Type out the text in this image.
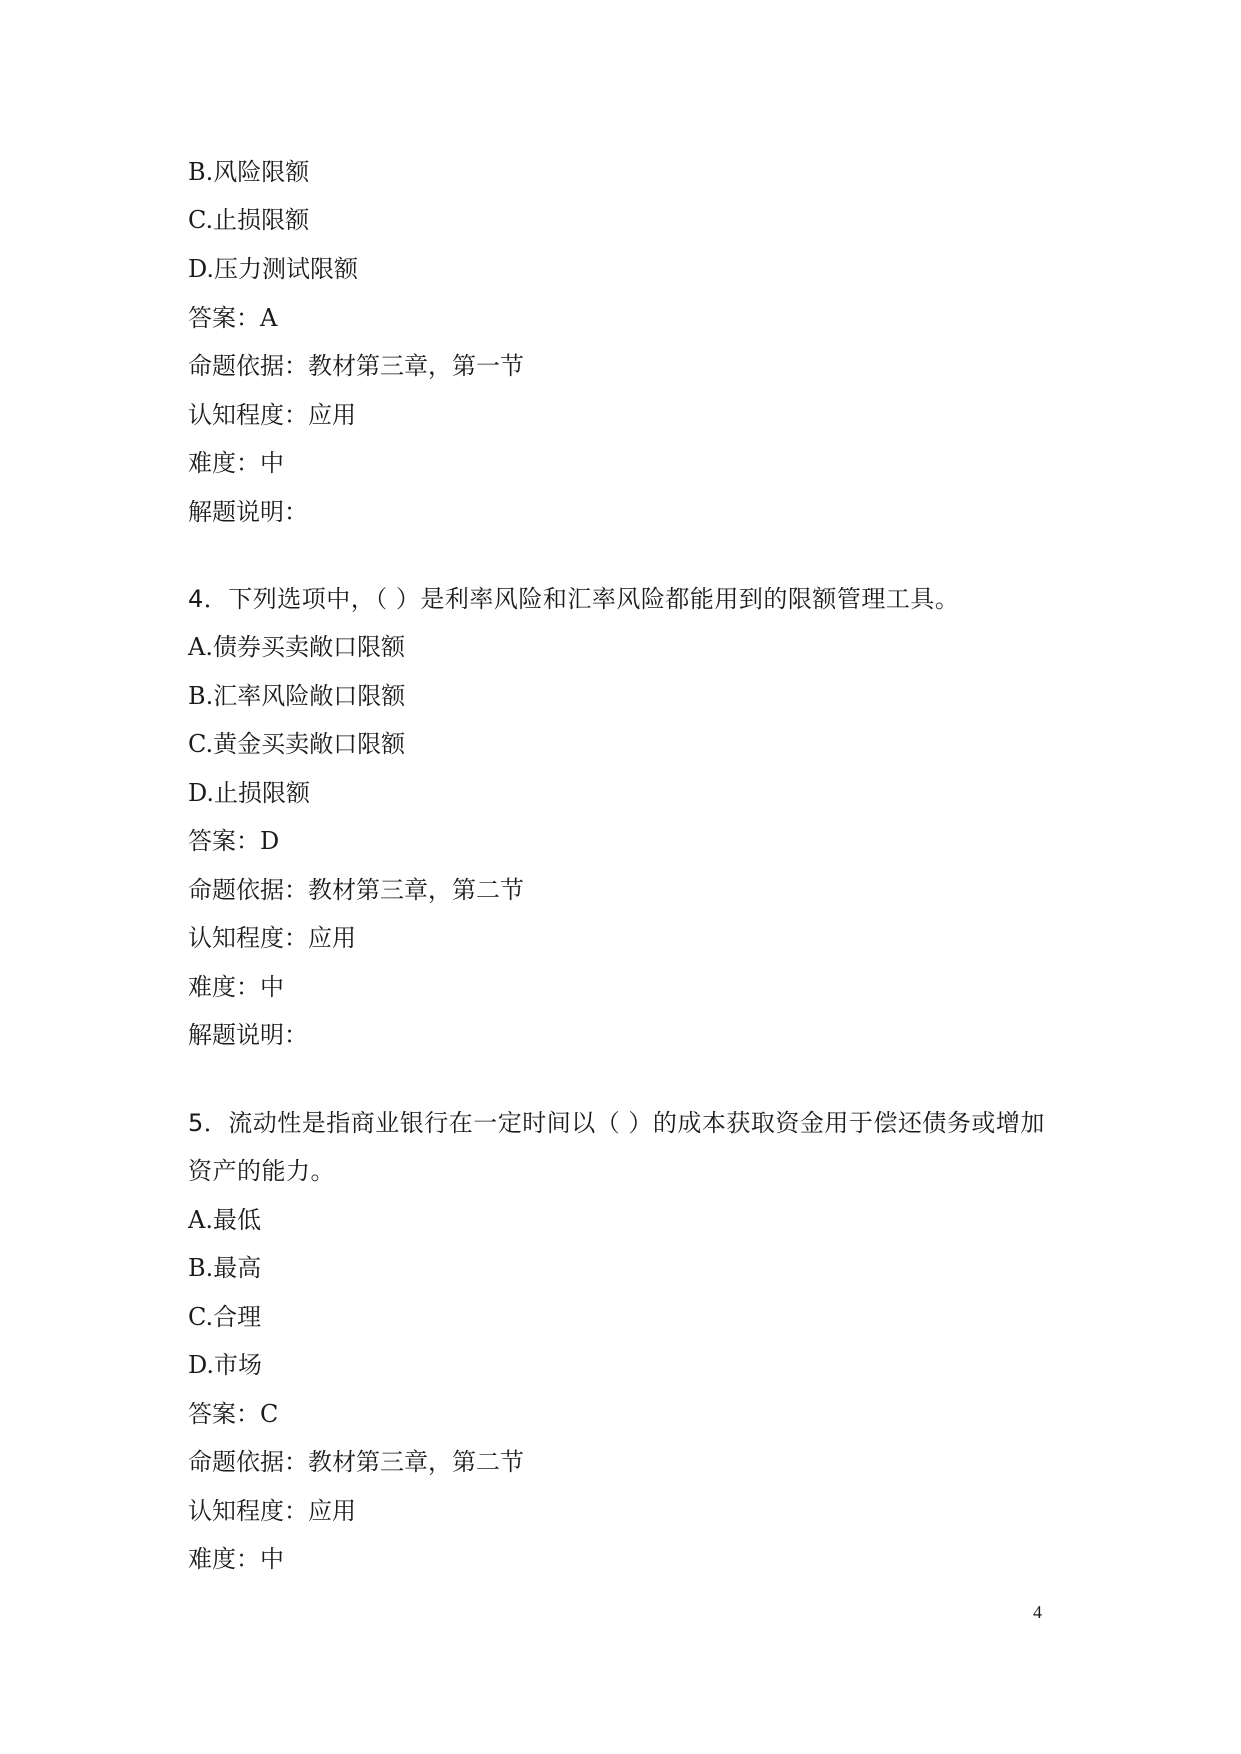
B.风险限额
C.止损限额
D.压力测试限额
答案：A
命题依据：教材第三章，第一节
认知程度：应用
难度：中
解题说明：
4．下列选项中，（ ）是利率风险和汇率风险都能用到的限额管理工具。
A.债券买卖敞口限额
B.汇率风险敞口限额
C.黄金买卖敞口限额
D.止损限额
答案：D
命题依据：教材第三章，第二节
认知程度：应用
难度：中
解题说明：
5．流动性是指商业银行在一定时间以（ ）的成本获取资金用于偿还债务或增加
资产的能力。
A.最低
B.最高
C.合理
D.市场
答案：C
命题依据：教材第三章，第二节
认知程度：应用
难度：中
4
